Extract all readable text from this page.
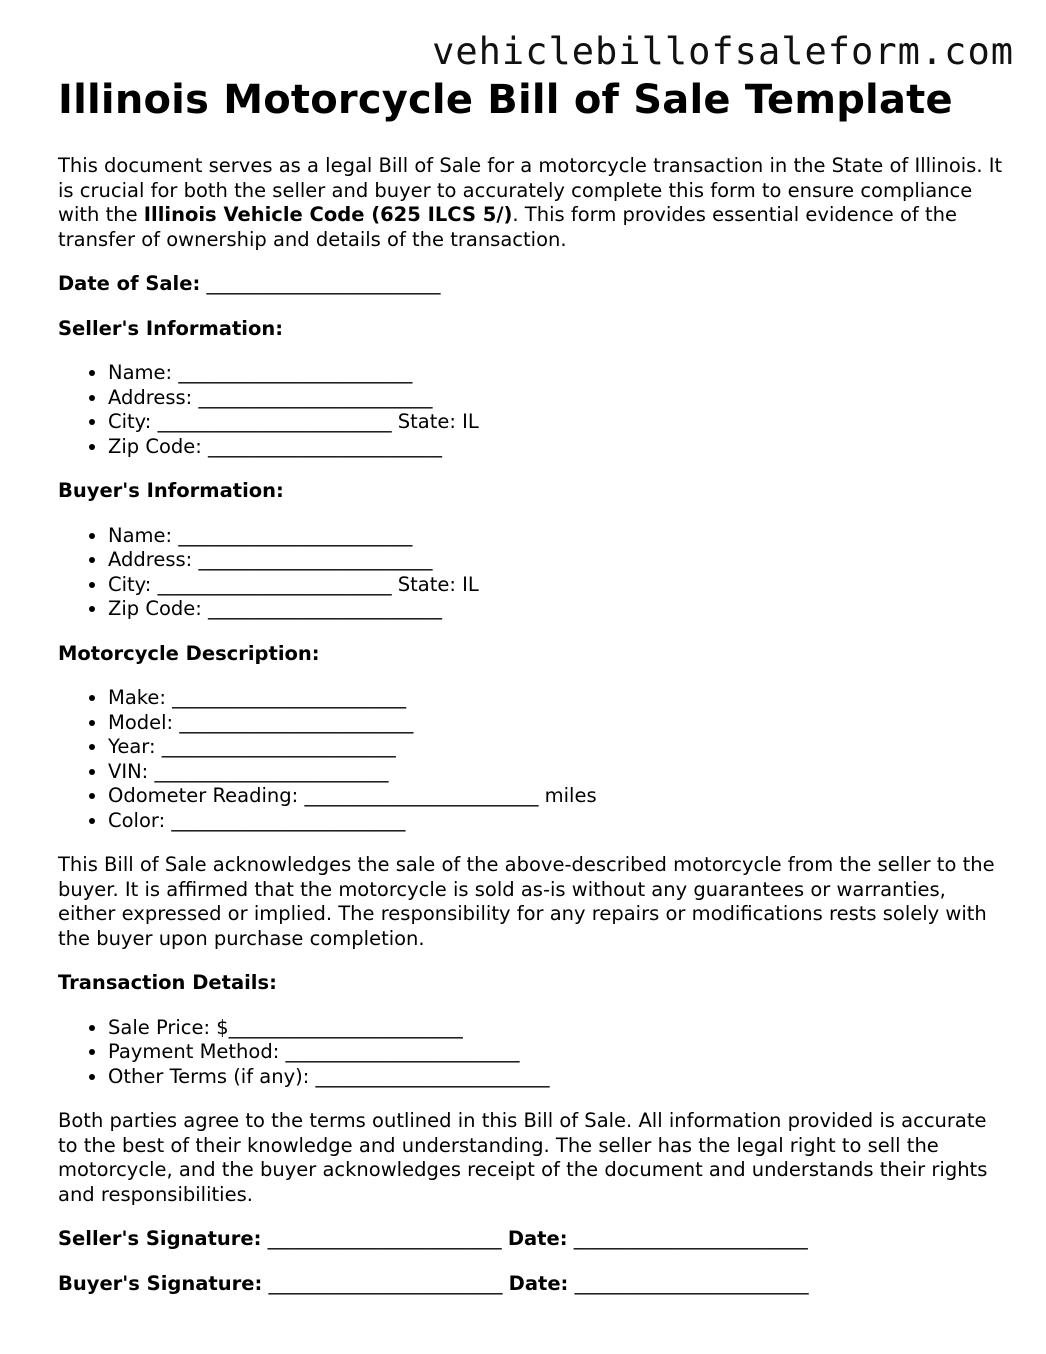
vehiclebillofsaleform.com
Illinois Motorcycle Bill of Sale Template

This document serves as a legal Bill of Sale for a motorcycle transaction in the State of Illinois. It is crucial for both the seller and buyer to accurately complete this form to ensure compliance with the Illinois Vehicle Code (625 ILCS 5/). This form provides essential evidence of the transfer of ownership and details of the transaction.

Date of Sale: ________________________
Seller's Information:
• Name: ________________________
• Address: ________________________
• City: ________________________ State: IL
• Zip Code: ________________________
Buyer's Information:
• Name: ________________________
• Address: ________________________
• City: ________________________ State: IL
• Zip Code: ________________________
Motorcycle Description:
• Make: ________________________
• Model: ________________________
• Year: ________________________
• VIN: ________________________
• Odometer Reading: ________________________ miles
• Color: ________________________

This Bill of Sale acknowledges the sale of the above-described motorcycle from the seller to the buyer. It is affirmed that the motorcycle is sold as-is without any guarantees or warranties, either expressed or implied. The responsibility for any repairs or modifications rests solely with the buyer upon purchase completion.

Transaction Details:
• Sale Price: $________________________
• Payment Method: ________________________
• Other Terms (if any): ________________________

Both parties agree to the terms outlined in this Bill of Sale. All information provided is accurate to the best of their knowledge and understanding. The seller has the legal right to sell the motorcycle, and the buyer acknowledges receipt of the document and understands their rights and responsibilities.

Seller's Signature: ________________________ Date: ________________________
Buyer's Signature: ________________________ Date: ________________________
